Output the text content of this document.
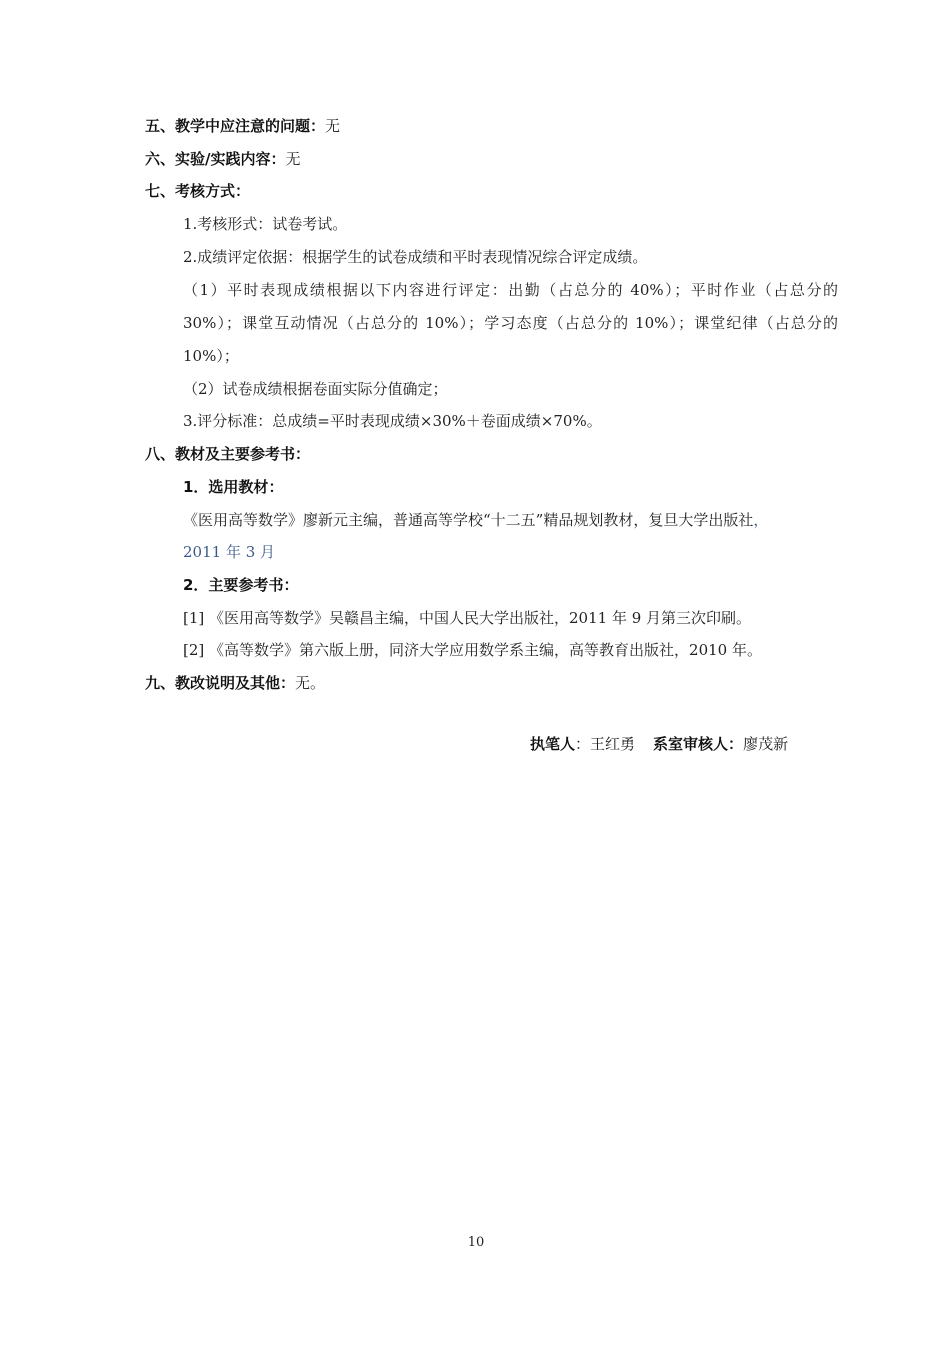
五、教学中应注意的问题：无
六、实验/实践内容：无
七、考核方式：
1.考核形式：试卷考试。
2.成绩评定依据：根据学生的试卷成绩和平时表现情况综合评定成绩。
（1）平时表现成绩根据以下内容进行评定：出勤（占总分的 40%）；平时作业（占总分的
30%）；课堂互动情况（占总分的 10%）；学习态度（占总分的 10%）；课堂纪律（占总分的
10%）；
（2）试卷成绩根据卷面实际分值确定；
3.评分标准：总成绩=平时表现成绩×30%＋卷面成绩×70%。
八、教材及主要参考书：
1．选用教材：
《医用高等数学》廖新元主编，普通高等学校“十二五”精品规划教材，复旦大学出版社，
2011 年 3 月
2．主要参考书：
[1] 《医用高等数学》吴赣昌主编，中国人民大学出版社，2011 年 9 月第三次印刷。
[2] 《高等数学》第六版上册，同济大学应用数学系主编，高等教育出版社，2010 年。
九、教改说明及其他：无。
执笔人：王红勇 系室审核人：廖茂新
10
